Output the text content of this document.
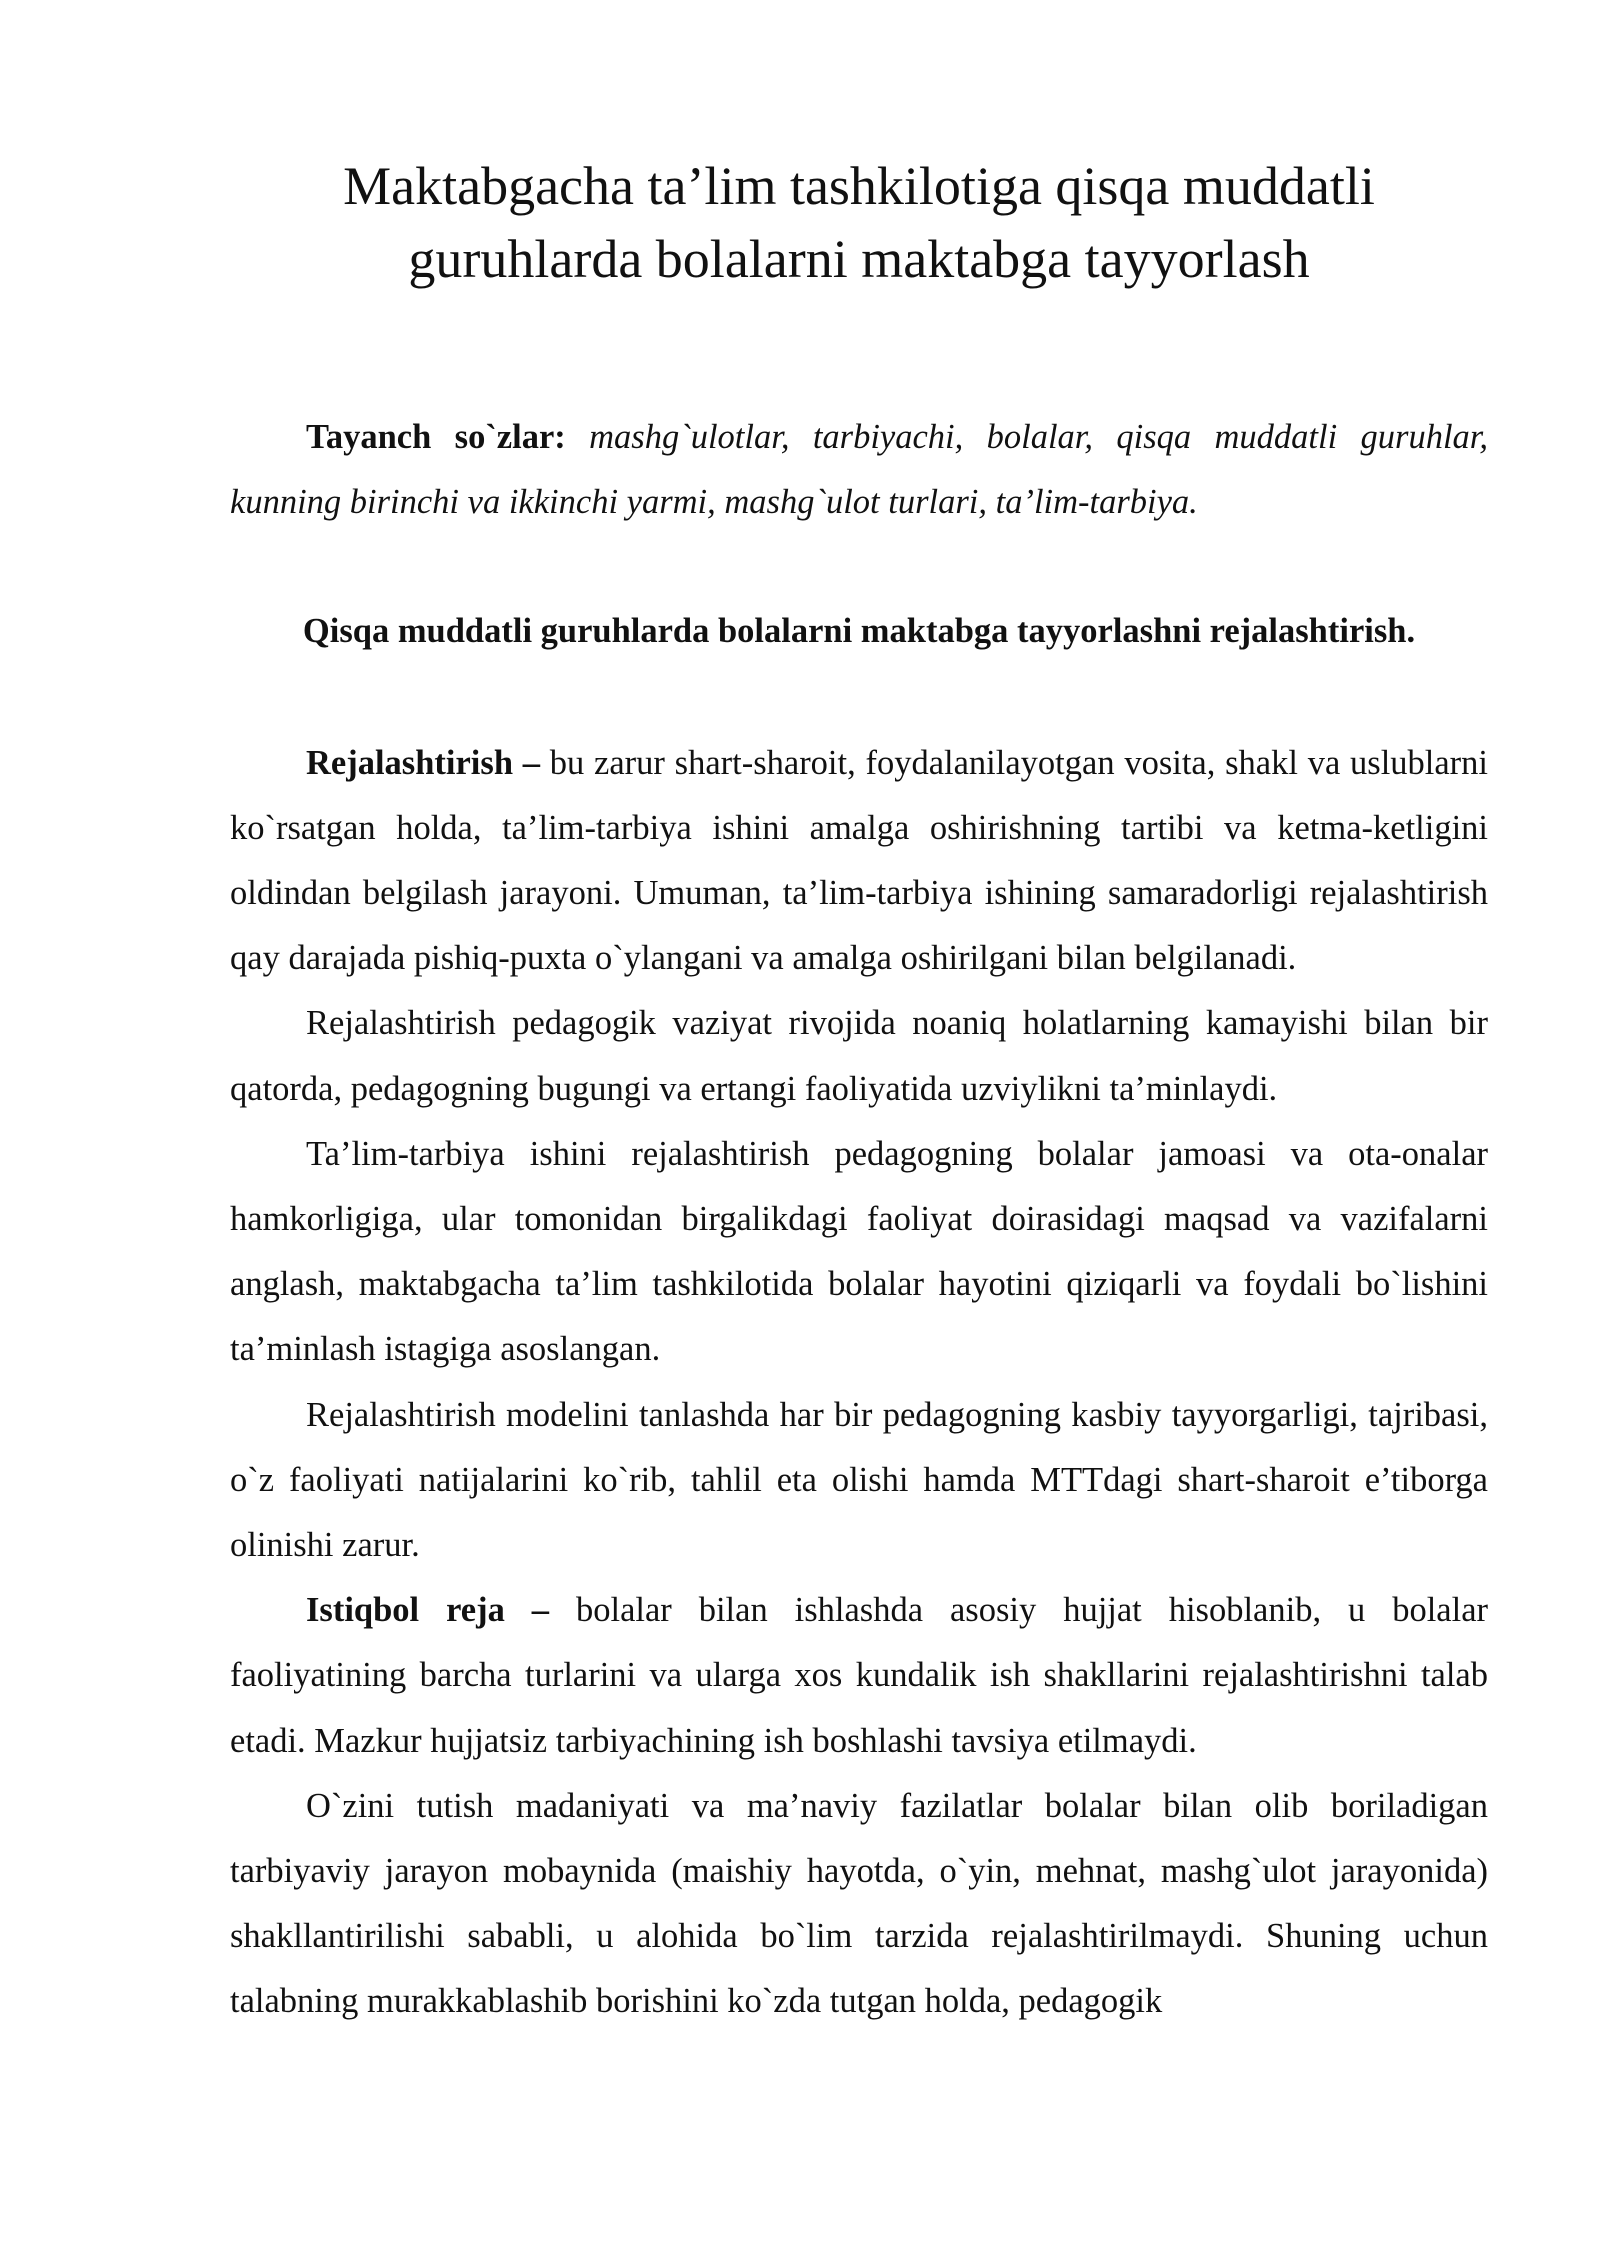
Maktabgacha ta’lim tashkilotiga qisqa muddatli
guruhlarda bolalarni maktabga tayyorlash

Tayanch so`zlar: mashg`ulotlar, tarbiyachi, bolalar, qisqa muddatli guruhlar, kunning birinchi va ikkinchi yarmi, mashg`ulot turlari, ta’lim-tarbiya.

Qisqa muddatli guruhlarda bolalarni maktabga tayyorlashni rejalashtirish.

Rejalashtirish – bu zarur shart-sharoit, foydalanilayotgan vosita, shakl va uslublarni ko`rsatgan holda, ta’lim-tarbiya ishini amalga oshirishning tartibi va ketma-ketligini oldindan belgilash jarayoni. Umuman, ta’lim-tarbiya ishining samaradorligi rejalashtirish qay darajada pishiq-puxta o`ylangani va amalga oshirilgani bilan belgilanadi.

Rejalashtirish pedagogik vaziyat rivojida noaniq holatlarning kamayishi bilan bir qatorda, pedagogning bugungi va ertangi faoliyatida uzviylikni ta’minlaydi.

Ta’lim-tarbiya ishini rejalashtirish pedagogning bolalar jamoasi va ota-onalar hamkorligiga, ular tomonidan birgalikdagi faoliyat doirasidagi maqsad va vazifalarni anglash, maktabgacha ta’lim tashkilotida bolalar hayotini qiziqarli va foydali bo`lishini ta’minlash istagiga asoslangan.

Rejalashtirish modelini tanlashda har bir pedagogning kasbiy tayyorgarligi, tajribasi, o`z faoliyati natijalarini ko`rib, tahlil eta olishi hamda MTTdagi shart-sharoit e’tiborga olinishi zarur.

Istiqbol reja – bolalar bilan ishlashda asosiy hujjat hisoblanib, u bolalar faoliyatining barcha turlarini va ularga xos kundalik ish shakllarini rejalashtirishni talab etadi. Mazkur hujjatsiz tarbiyachining ish boshlashi tavsiya etilmaydi.

O`zini tutish madaniyati va ma’naviy fazilatlar bolalar bilan olib boriladigan tarbiyaviy jarayon mobaynida (maishiy hayotda, o`yin, mehnat, mashg`ulot jarayonida) shakllantirilishi sababli, u alohida bo`lim tarzida rejalashtirilmaydi. Shuning uchun talabning murakkablashib borishini ko`zda tutgan holda, pedagogik
